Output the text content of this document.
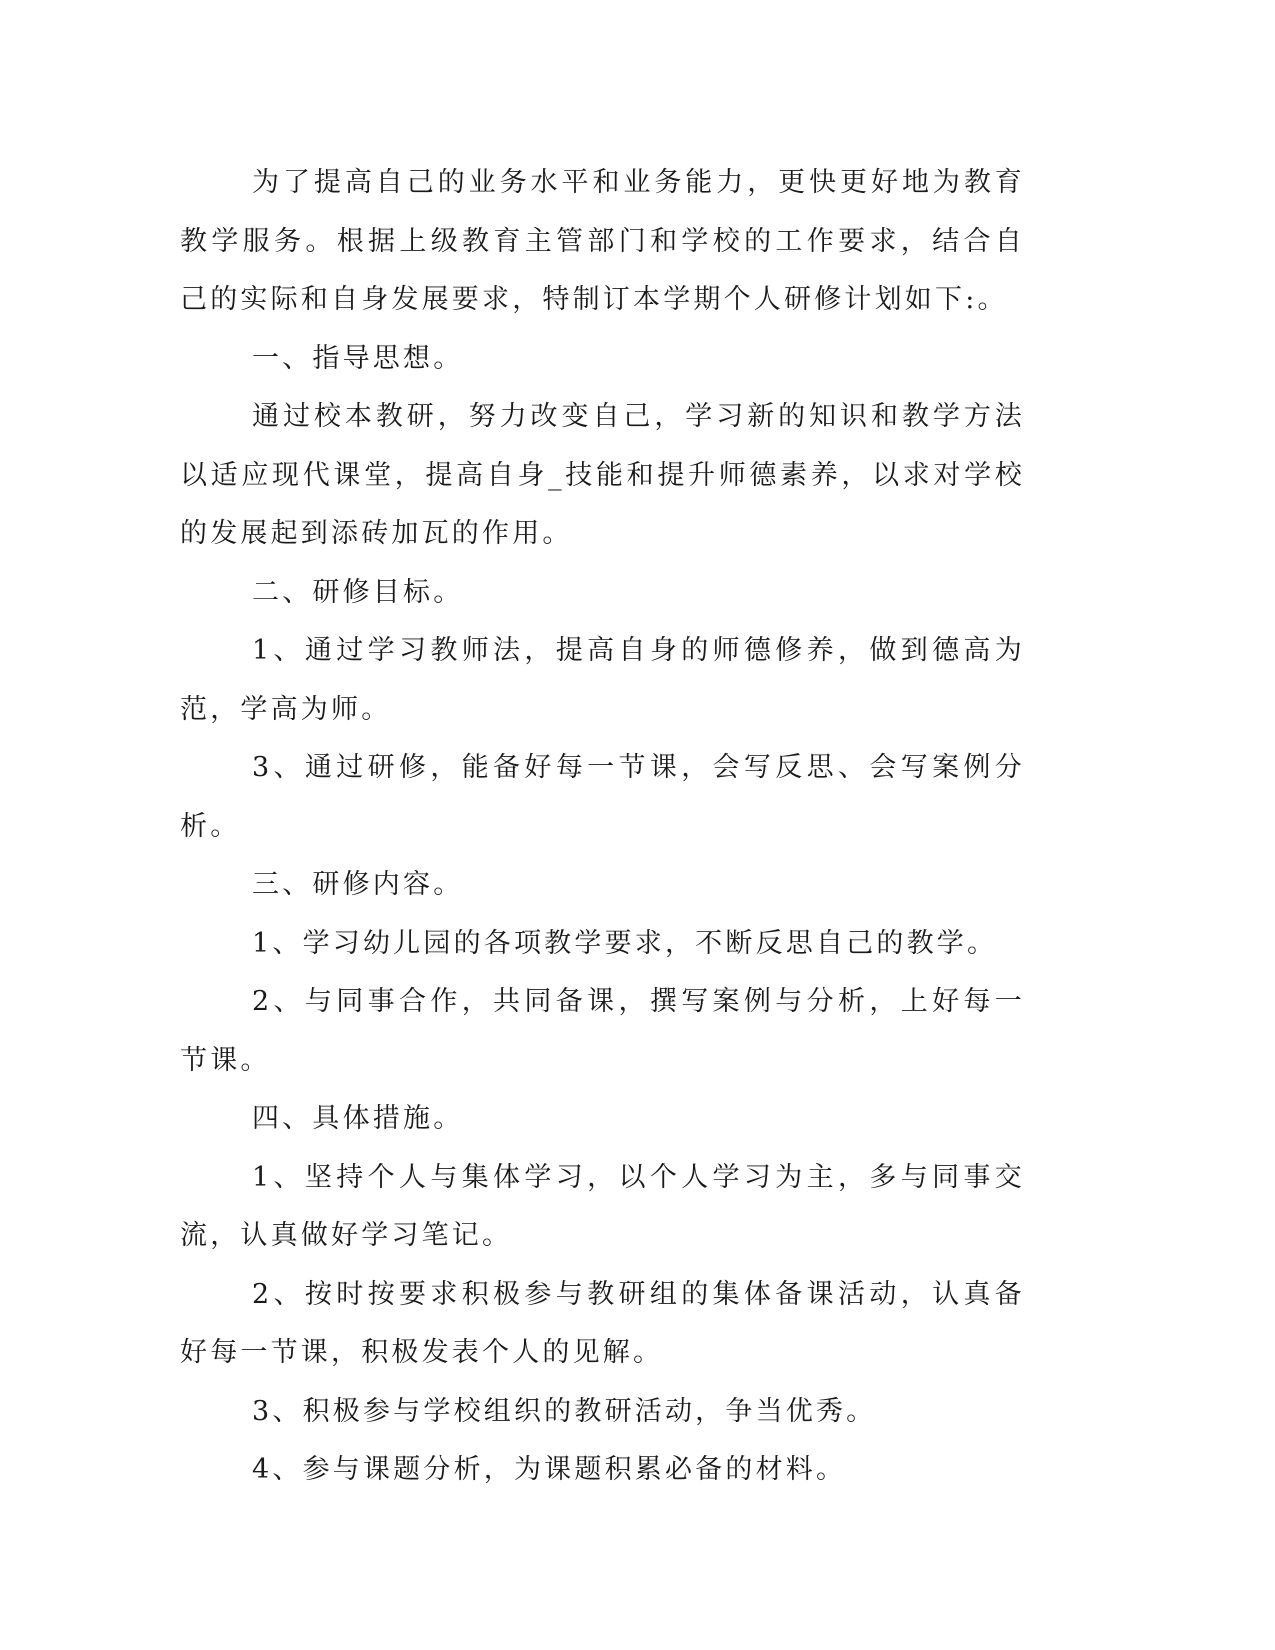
为了提高自己的业务水平和业务能力，更快更好地为教育教学服务。根据上级教育主管部门和学校的工作要求，结合自己的实际和自身发展要求，特制订本学期个人研修计划如下:。

一、指导思想。

通过校本教研，努力改变自己，学习新的知识和教学方法以适应现代课堂，提高自身_技能和提升师德素养，以求对学校的发展起到添砖加瓦的作用。

二、研修目标。

1、通过学习教师法，提高自身的师德修养，做到德高为范，学高为师。

3、通过研修，能备好每一节课，会写反思、会写案例分析。

三、研修内容。

1、学习幼儿园的各项教学要求，不断反思自己的教学。

2、与同事合作，共同备课，撰写案例与分析，上好每一节课。

四、具体措施。

1、坚持个人与集体学习，以个人学习为主，多与同事交流，认真做好学习笔记。

2、按时按要求积极参与教研组的集体备课活动，认真备好每一节课，积极发表个人的见解。

3、积极参与学校组织的教研活动，争当优秀。

4、参与课题分析，为课题积累必备的材料。
